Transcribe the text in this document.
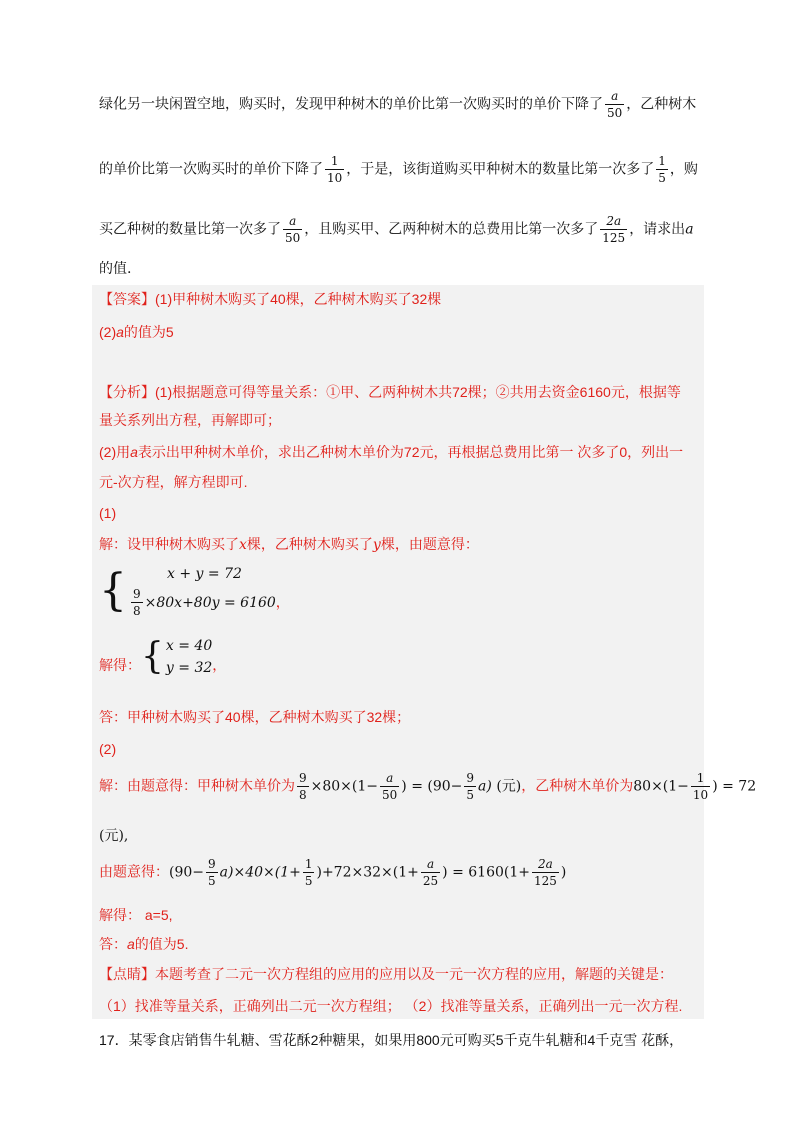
绿化另一块闲置空地，购买时，发现甲种树木的单价比第一次购买时的单价下降了 $\frac{a}{50}$ ，乙种树木
的单价比第一次购买时的单价下降了 $\frac{1}{10}$ ，于是，该街道购买甲种树木的数量比第一次多了 $\frac{1}{5}$ ，购
买乙种树的数量比第一次多了 $\frac{a}{50}$ ，且购买甲、乙两种树木的总费用比第一次多了 $\frac{2a}{125}$ ，请求出a
的值.
【答案】(1)甲种树木购买了40棵，乙种树木购买了32棵
(2)a的值为5
【分析】(1)根据题意可得等量关系：①甲、乙两种树木共72棵；②共用去资金6160元，根据等
量关系列出方程，再解即可；
(2)用a表示出甲种树木单价，求出乙种树木单价为72元，再根据总费用比第一 次多了0，列出一
元-次方程，解方程即可.
(1)
解：设甲种树木购买了x棵，乙种树木购买了y棵，由题意得：
{	x + y = 72
$\frac{9}{8} \times 80x+80y = 6160$ ，
解得： { x = 40
y = 32 ，
答：甲种树木购买了40棵，乙种树木购买了32棵；
(2)
解：由题意得：甲种树木单价为 $\frac{9}{8} \times 80\times(1- \frac{a}{50}$ ) = $(90- \frac{9}{5} a)$ (元)，乙种树木单价为$80\times(1- \frac{1}{10}$ ) = 72
(元),
由题意得：$(90- \frac{9}{5} a)\times 40\times(1+ \frac{1}{5} )+72\times 32\times(1+ \frac{a}{25}$ ) = $6160(1+ \frac{2a}{125}$ )
解得： a=5,
答：a的值为5.
【点睛】本题考查了二元一次方程组的应用的应用以及一元一次方程的应用，解题的关键是：
（1）找准等量关系，正确列出二元一次方程组； （2）找准等量关系，正确列出一元一次方程.
17．某零食店销售牛轧糖、雪花酥2种糖果，如果用800元可购买5千克牛轧糖和4千克雪 花酥，
